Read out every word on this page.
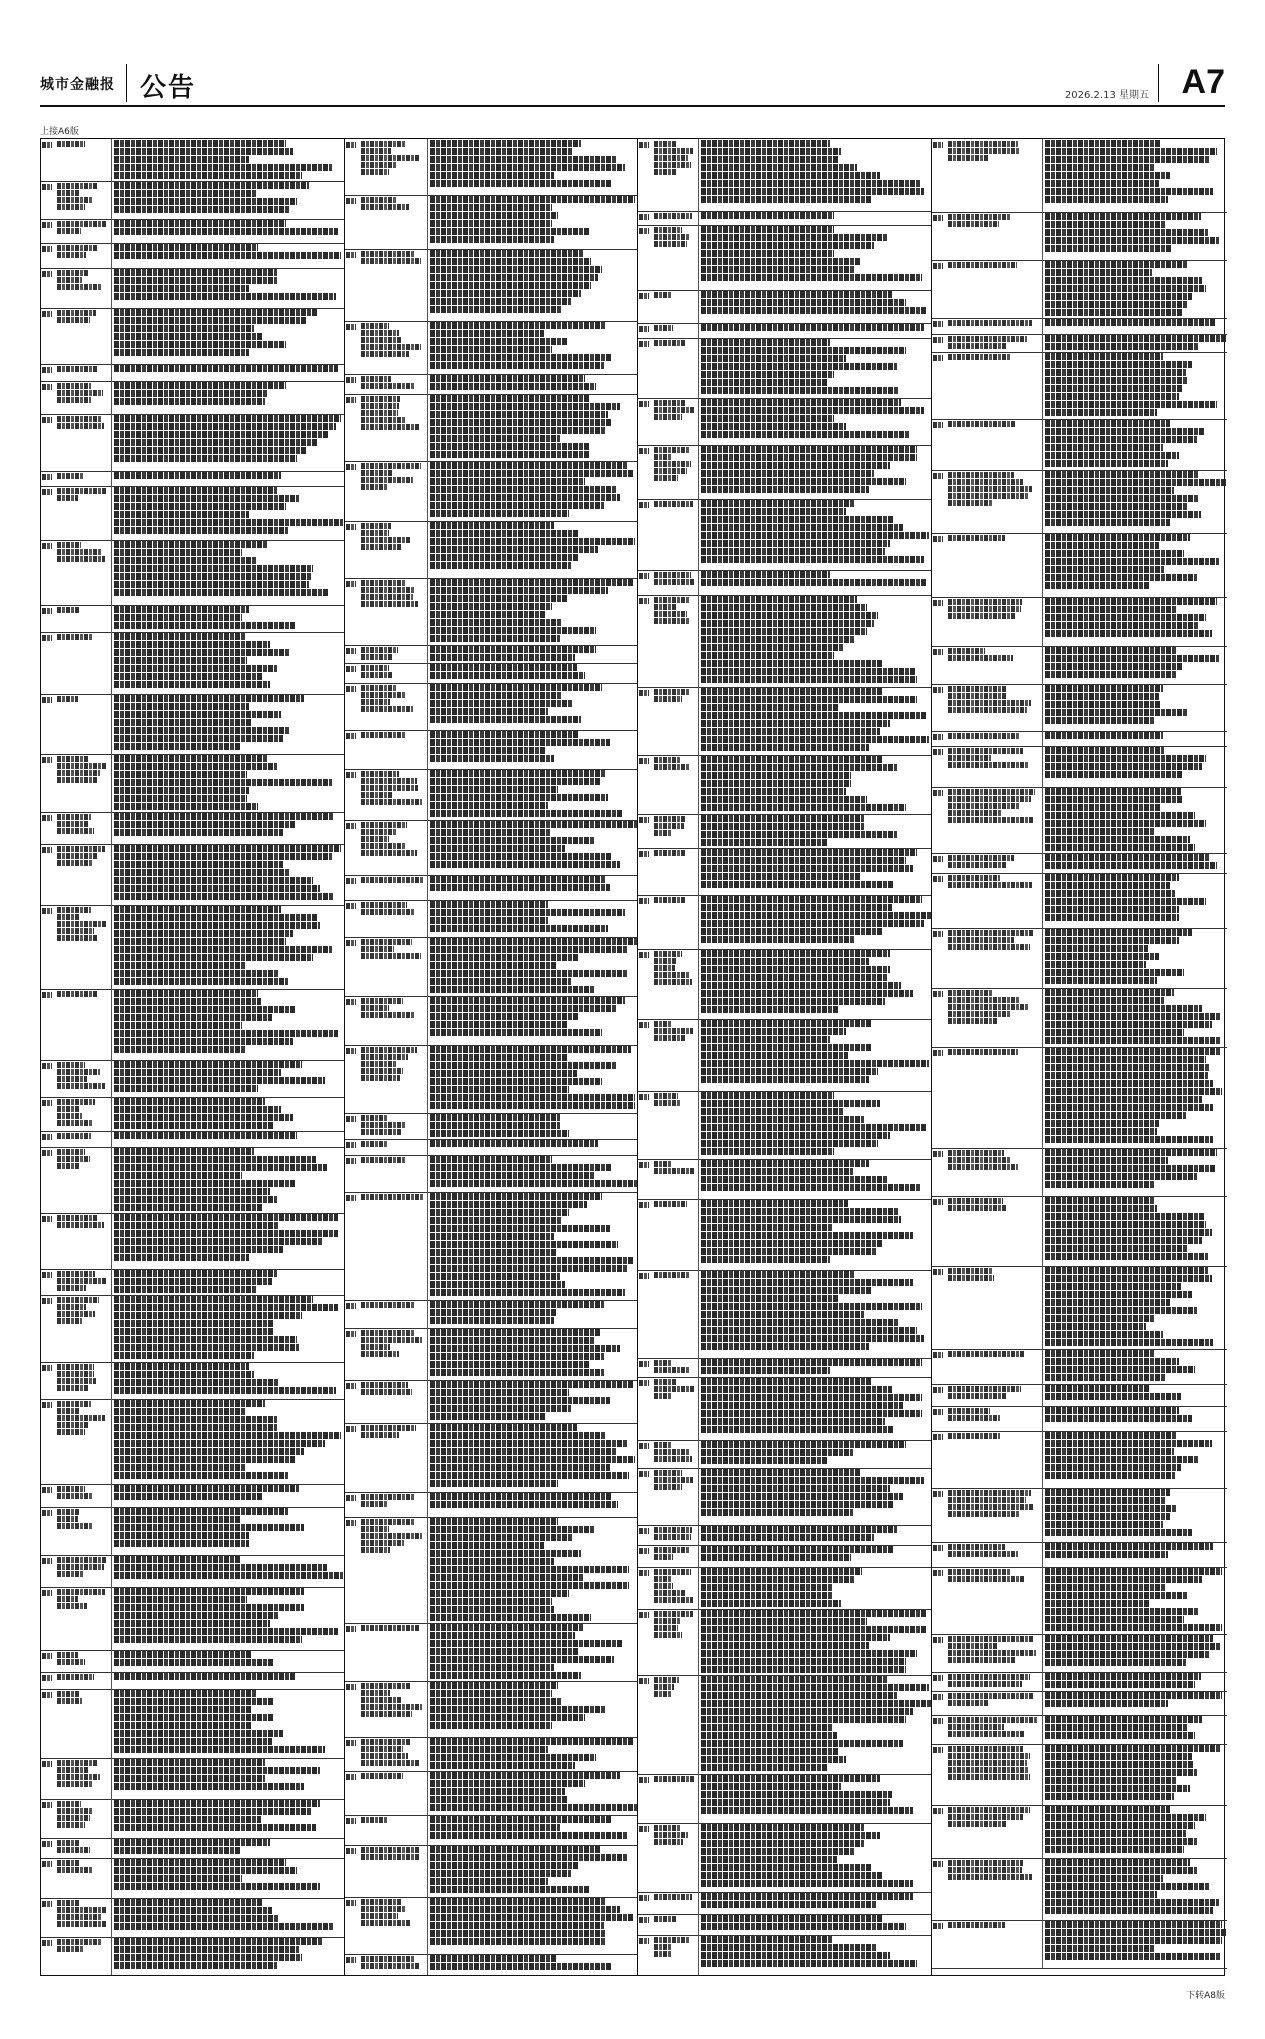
城市金融报 公告	2026.2.13 星期五 A7
上接A6版
下转A8版
